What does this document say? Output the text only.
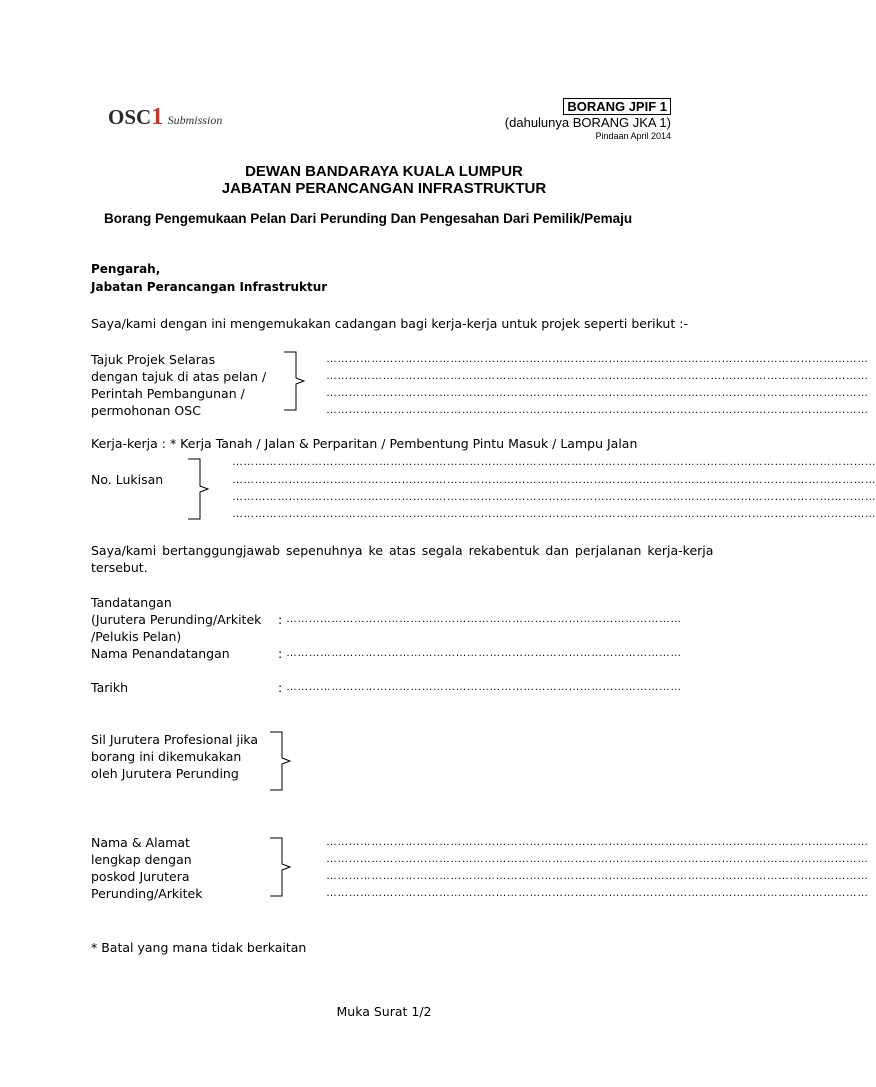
OSC1 Submission
BORANG JPIF 1
(dahulunya BORANG JKA 1)
Pindaan April 2014
DEWAN BANDARAYA KUALA LUMPUR
JABATAN PERANCANGAN INFRASTRUKTUR
Borang Pengemukaan Pelan Dari Perunding Dan Pengesahan Dari Pemilik/Pemaju
Pengarah,
Jabatan Perancangan Infrastruktur
Saya/kami dengan ini mengemukakan cadangan bagi kerja-kerja untuk projek seperti berikut :-
Tajuk Projek Selaras
dengan tajuk di atas pelan /
Perintah Pembangunan /
permohonan OSC
………………………………………………………………………………………………………………………………
………………………………………………………………………………………………………………………………
………………………………………………………………………………………………………………………………
………………………………………………………………………………………………………………………………
Kerja-kerja : * Kerja Tanah / Jalan & Perparitan / Pembentung Pintu Masuk / Lampu Jalan
No. Lukisan
………………………………………………………………………………………………………………………………………………………
………………………………………………………………………………………………………………………………………………………
………………………………………………………………………………………………………………………………………………………
………………………………………………………………………………………………………………………………………………………
Saya/kami bertanggungjawab sepenuhnya ke atas segala rekabentuk dan perjalanan kerja-kerja
tersebut.
Tandatangan
(Jurutera Perunding/Arkitek
/Pelukis Pelan)
: ……………………………………………………………………………………………
Nama Penandatangan	: ……………………………………………………………………………………………
Tarikh	: ……………………………………………………………………………………………
Sil Jurutera Profesional jika
borang ini dikemukakan
oleh Jurutera Perunding
Nama & Alamat
lengkap dengan
poskod Jurutera
Perunding/Arkitek
………………………………………………………………………………………………………………………………
………………………………………………………………………………………………………………………………
………………………………………………………………………………………………………………………………
………………………………………………………………………………………………………………………………
* Batal yang mana tidak berkaitan
Muka Surat 1/2
